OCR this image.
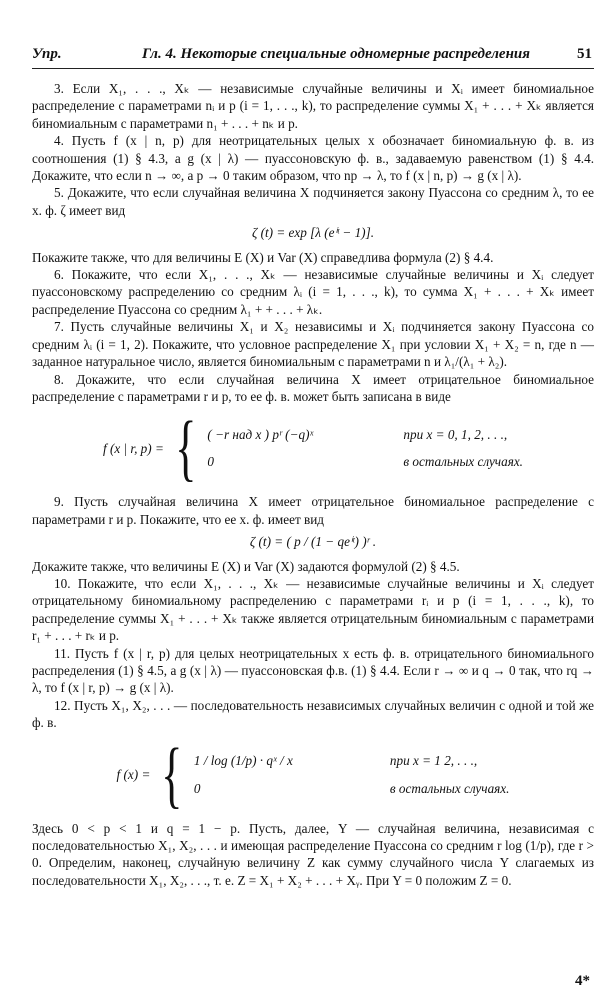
Упр.	Гл. 4. Некоторые специальные одномерные распределения	51

3. Если X₁, . . ., Xₖ — независимые случайные величины и Xᵢ имеет биномиальное распределение с параметрами nᵢ и p (i = 1, . . ., k), то распределение суммы X₁ + . . . + Xₖ является биномиальным с параметрами n₁ + . . . + nₖ и p.

4. Пусть f (x | n, p) для неотрицательных целых x обозначает биномиальную ф. в. из соотношения (1) § 4.3, а g (x | λ) — пуассоновскую ф. в., задаваемую равенством (1) § 4.4. Докажите, что если n → ∞, а p → 0 таким образом, что np → λ, то f (x | n, p) → g (x | λ).

5. Докажите, что если случайная величина X подчиняется закону Пуассона со средним λ, то ее х. ф. ζ имеет вид

ζ (t) = exp [λ (eⁱᵗ − 1)].

Покажите также, что для величины E (X) и Var (X) справедлива формула (2) § 4.4.

6. Покажите, что если X₁, . . ., Xₖ — независимые случайные величины и Xᵢ следует пуассоновскому распределению со средним λᵢ (i = 1, . . ., k), то сумма X₁ + . . . + Xₖ имеет распределение Пуассона со средним λ₁ + + . . . + λₖ.

7. Пусть случайные величины X₁ и X₂ независимы и Xᵢ подчиняется закону Пуассона со средним λᵢ (i = 1, 2). Покажите, что условное распределение X₁ при условии X₁ + X₂ = n, где n — заданное натуральное число, является биномиальным с параметрами n и λ₁/(λ₁ + λ₂).

8. Докажите, что если случайная величина X имеет отрицательное биномиальное распределение с параметрами r и p, то ее ф. в. может быть записана в виде

f (x | r, p) = { ( −r над x ) pʳ (−q)ˣ	при x = 0, 1, 2, . . .,
0	в остальных случаях.

9. Пусть случайная величина X имеет отрицательное биномиальное распределение с параметрами r и p. Покажите, что ее х. ф. имеет вид

ζ (t) = ( p / (1 − qeⁱᵗ) )ʳ .

Докажите также, что величины E (X) и Var (X) задаются формулой (2) § 4.5.

10. Покажите, что если X₁, . . ., Xₖ — независимые случайные величины и Xᵢ следует отрицательному биномиальному распределению с параметрами rᵢ и p (i = 1, . . ., k), то распределение суммы X₁ + . . . + Xₖ также является отрицательным биномиальным с параметрами r₁ + . . . + rₖ и p.

11. Пусть f (x | r, p) для целых неотрицательных x есть ф. в. отрицательного биномиального распределения (1) § 4.5, а g (x | λ) — пуассоновская ф.в. (1) § 4.4. Если r → ∞ и q → 0 так, что rq → λ, то f (x | r, p) → g (x | λ).

12. Пусть X₁, X₂, . . . — последовательность независимых случайных величин с одной и той же ф. в.

f (x) = { 1 / log (1/p) · qˣ / x	при x = 1 2, . . .,
0	в остальных случаях.

Здесь 0 < p < 1 и q = 1 − p. Пусть, далее, Y — случайная величина, независимая с последовательностью X₁, X₂, . . . и имеющая распределение Пуассона со средним r log (1/p), где r > 0. Определим, наконец, случайную величину Z как сумму случайного числа Y слагаемых из последовательности X₁, X₂, . . ., т. е. Z = X₁ + X₂ + . . . + Xᵧ. При Y = 0 положим Z = 0.

4*
